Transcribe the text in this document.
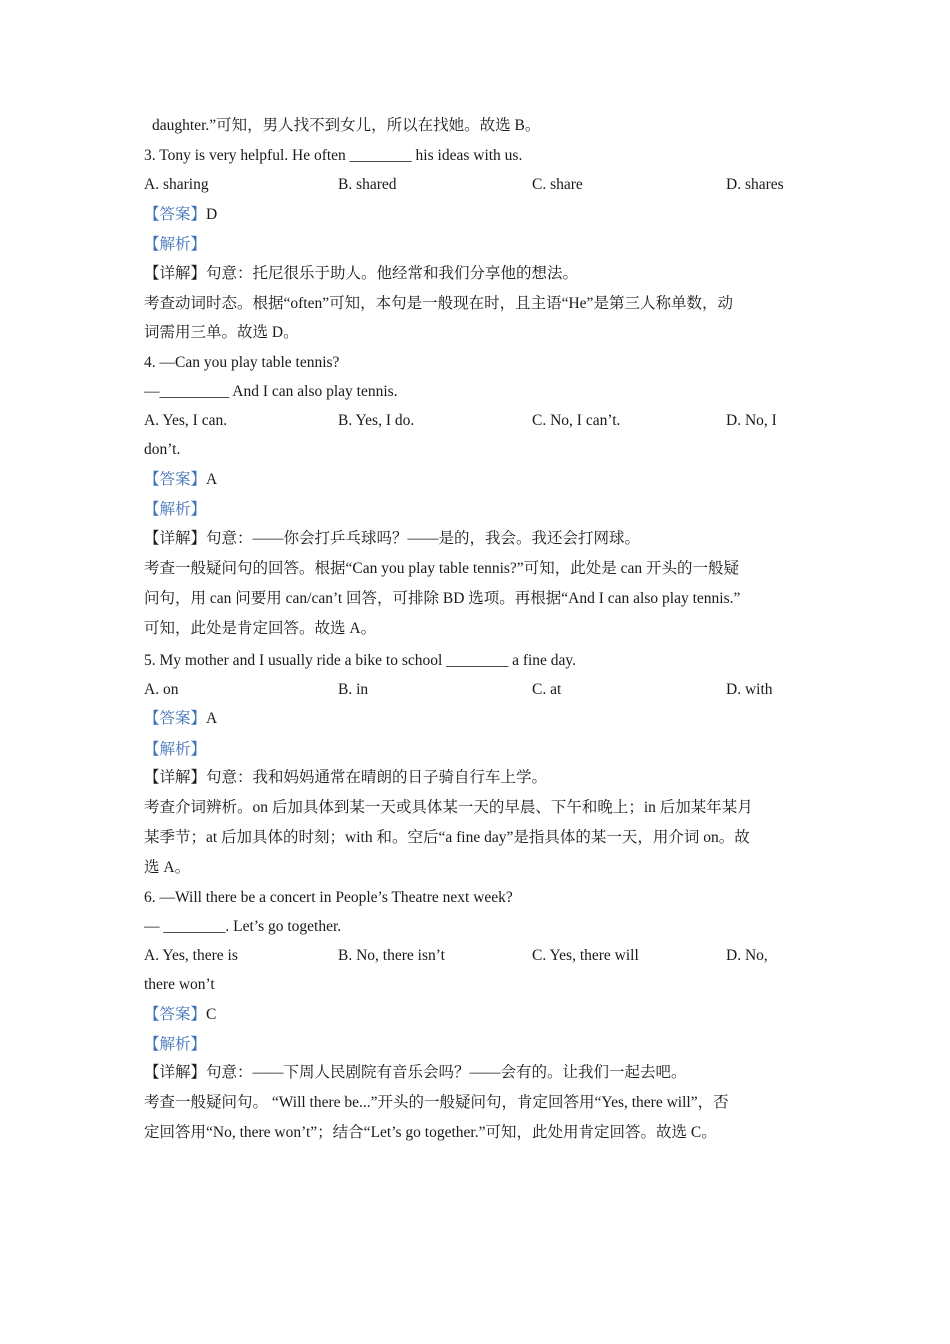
daughter.”可知，男人找不到女儿，所以在找她。故选 B。
3. Tony is very helpful. He often ________ his ideas with us.
A. sharing	B. shared	C. share	D. shares
【答案】D
【解析】
【详解】句意：托尼很乐于助人。他经常和我们分享他的想法。
考查动词时态。根据“often”可知，本句是一般现在时，且主语“He”是第三人称单数，动
词需用三单。故选 D。
4. —Can you play table tennis?
—_________ And I can also play tennis.
A. Yes, I can.	B. Yes, I do.	C. No, I can’t.	D. No, I
don’t.
【答案】A
【解析】
【详解】句意：——你会打乒乓球吗？——是的，我会。我还会打网球。
考查一般疑问句的回答。根据“Can you play table tennis?”可知，此处是 can 开头的一般疑
问句，用 can 问要用 can/can’t 回答，可排除 BD 选项。再根据“And I can also play tennis.”
可知，此处是肯定回答。故选 A。
5. My mother and I usually ride a bike to school ________ a fine day.
A. on	B. in	C. at	D. with
【答案】A
【解析】
【详解】句意：我和妈妈通常在晴朗的日子骑自行车上学。
考查介词辨析。on 后加具体到某一天或具体某一天的早晨、下午和晚上；in 后加某年某月
某季节；at 后加具体的时刻；with 和。空后“a fine day”是指具体的某一天，用介词 on。故
选 A。
6. —Will there be a concert in People’s Theatre next week?
— ________. Let’s go together.
A. Yes, there is	B. No, there isn’t	C. Yes, there will	D. No,
there won’t
【答案】C
【解析】
【详解】句意：——下周人民剧院有音乐会吗？——会有的。让我们一起去吧。
考查一般疑问句。 “Will there be...”开头的一般疑问句，肯定回答用“Yes, there will”，否
定回答用“No, there won’t”；结合“Let’s go together.”可知，此处用肯定回答。故选 C。
